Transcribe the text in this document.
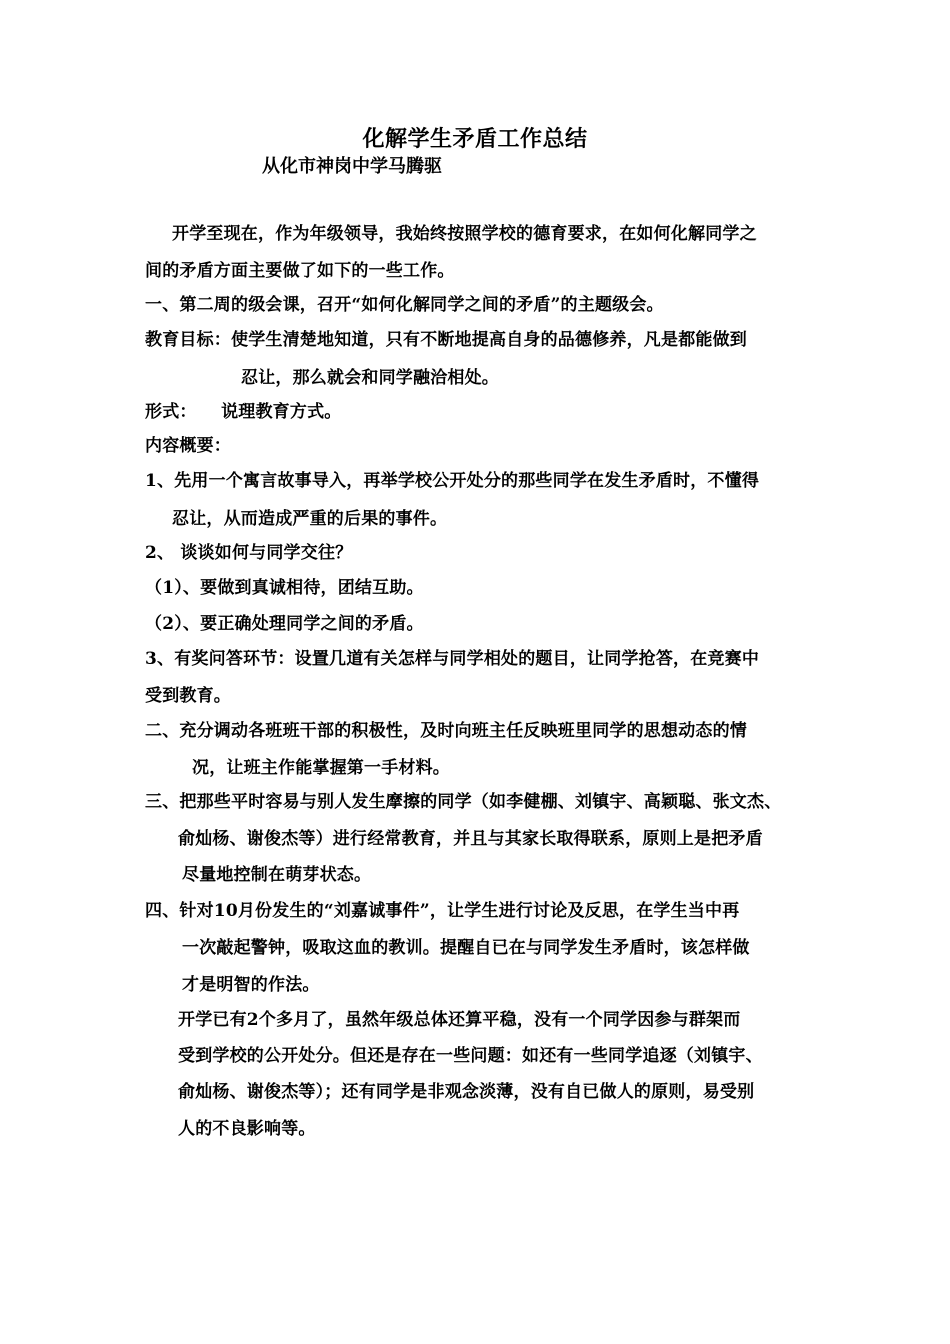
化解学生矛盾工作总结
从化市神岗中学马腾驱
开学至现在，作为年级领导，我始终按照学校的德育要求，在如何化解同学之
间的矛盾方面主要做了如下的一些工作。
一、第二周的级会课，召开“如何化解同学之间的矛盾”的主题级会。
教育目标：使学生清楚地知道，只有不断地提高自身的品德修养，凡是都能做到
忍让，那么就会和同学融洽相处。
形式：    说理教育方式。
内容概要：
1、先用一个寓言故事导入，再举学校公开处分的那些同学在发生矛盾时，不懂得
忍让，从而造成严重的后果的事件。
2、 谈谈如何与同学交往？
（1）、要做到真诚相待，团结互助。
（2）、要正确处理同学之间的矛盾。
3、有奖问答环节：设置几道有关怎样与同学相处的题目，让同学抢答，在竞赛中
受到教育。
二、充分调动各班班干部的积极性，及时向班主任反映班里同学的思想动态的情
况，让班主作能掌握第一手材料。
三、把那些平时容易与别人发生摩擦的同学（如李健棚、刘镇宇、高颖聪、张文杰、
俞灿杨、谢俊杰等）进行经常教育，并且与其家长取得联系，原则上是把矛盾
尽量地控制在萌芽状态。
四、针对10月份发生的“刘嘉诚事件”，让学生进行讨论及反思，在学生当中再
一次敲起警钟，吸取这血的教训。提醒自已在与同学发生矛盾时，该怎样做
才是明智的作法。
开学已有2个多月了，虽然年级总体还算平稳，没有一个同学因参与群架而
受到学校的公开处分。但还是存在一些问题：如还有一些同学追逐（刘镇宇、
俞灿杨、谢俊杰等）；还有同学是非观念淡薄，没有自已做人的原则，易受别
人的不良影响等。
